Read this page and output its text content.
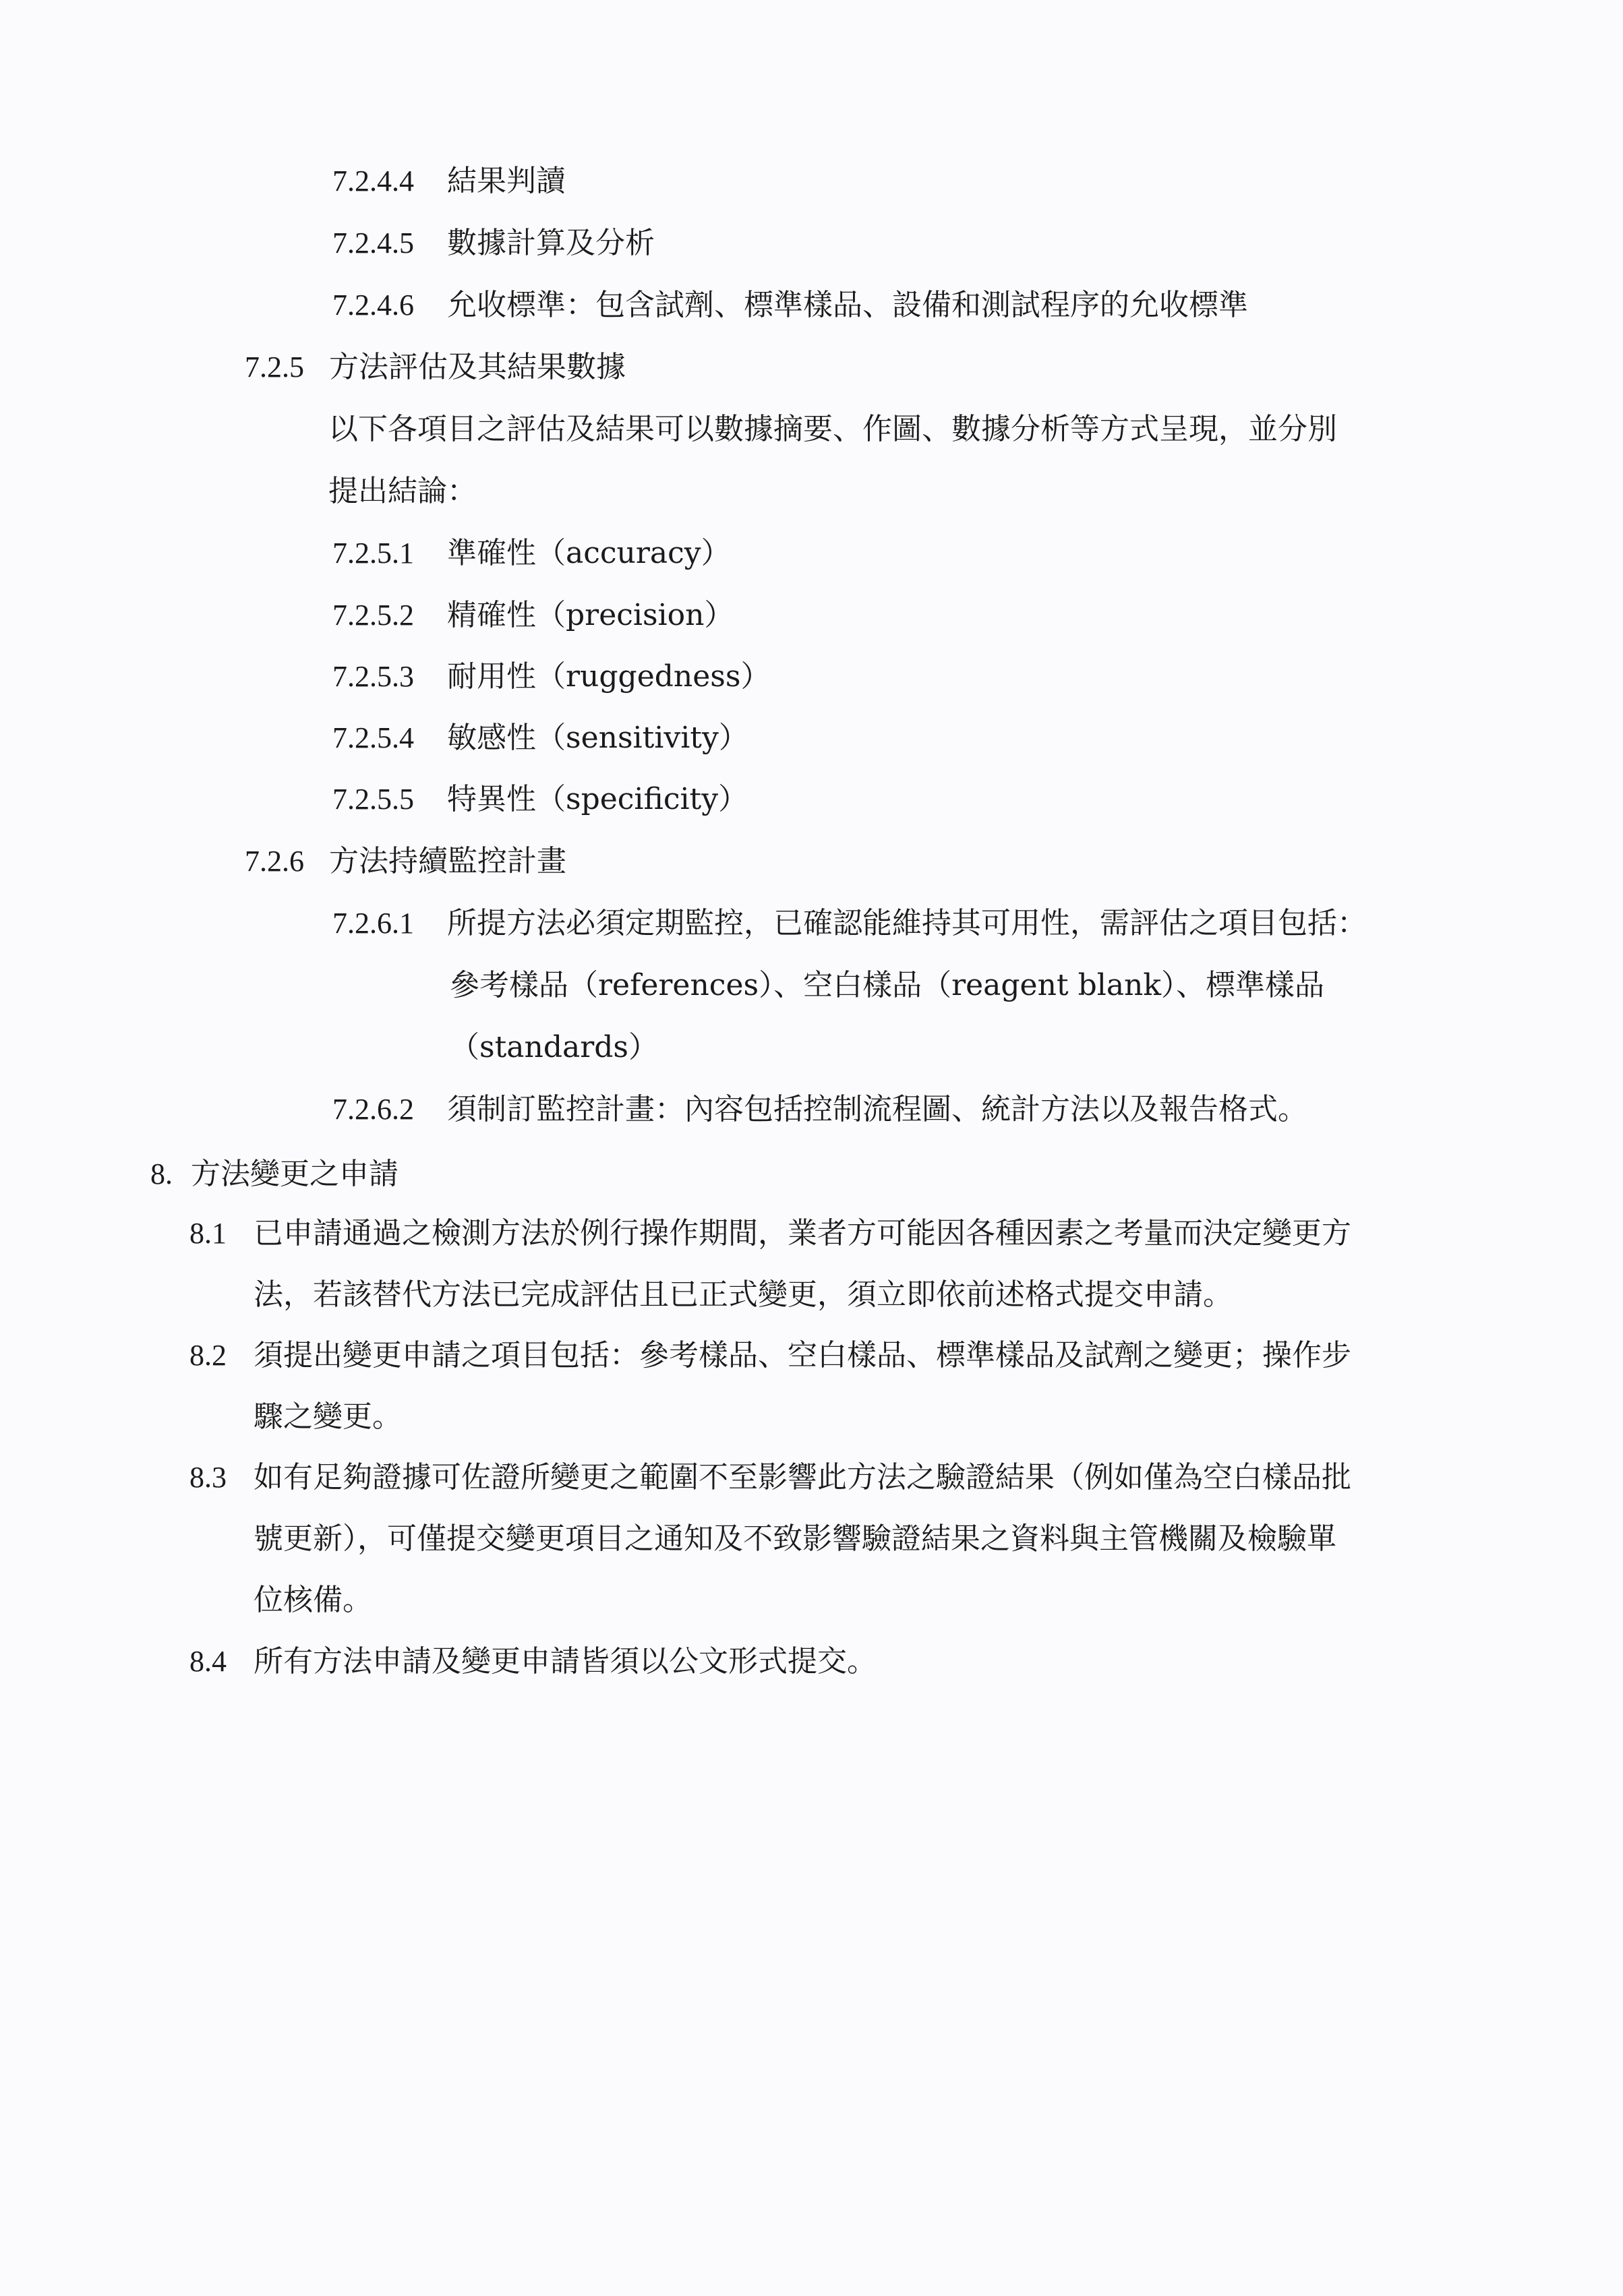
7.2.4.4 結果判讀
7.2.4.5 數據計算及分析
7.2.4.6 允收標準：包含試劑、標準樣品、設備和測試程序的允收標準
7.2.5 方法評估及其結果數據
以下各項目之評估及結果可以數據摘要、作圖、數據分析等方式呈現，並分別
提出結論：
7.2.5.1 準確性（accuracy）
7.2.5.2 精確性（precision）
7.2.5.3 耐用性（ruggedness）
7.2.5.4 敏感性（sensitivity）
7.2.5.5 特異性（specificity）
7.2.6 方法持續監控計畫
7.2.6.1 所提方法必須定期監控，已確認能維持其可用性，需評估之項目包括：
參考樣品（references）、空白樣品（reagent blank）、標準樣品
（standards）
7.2.6.2 須制訂監控計畫：內容包括控制流程圖、統計方法以及報告格式。
8. 方法變更之申請
8.1 已申請通過之檢測方法於例行操作期間，業者方可能因各種因素之考量而決定變更方
法，若該替代方法已完成評估且已正式變更，須立即依前述格式提交申請。
8.2 須提出變更申請之項目包括：參考樣品、空白樣品、標準樣品及試劑之變更；操作步
驟之變更。
8.3 如有足夠證據可佐證所變更之範圍不至影響此方法之驗證結果（例如僅為空白樣品批
號更新），可僅提交變更項目之通知及不致影響驗證結果之資料與主管機關及檢驗單
位核備。
8.4 所有方法申請及變更申請皆須以公文形式提交。
